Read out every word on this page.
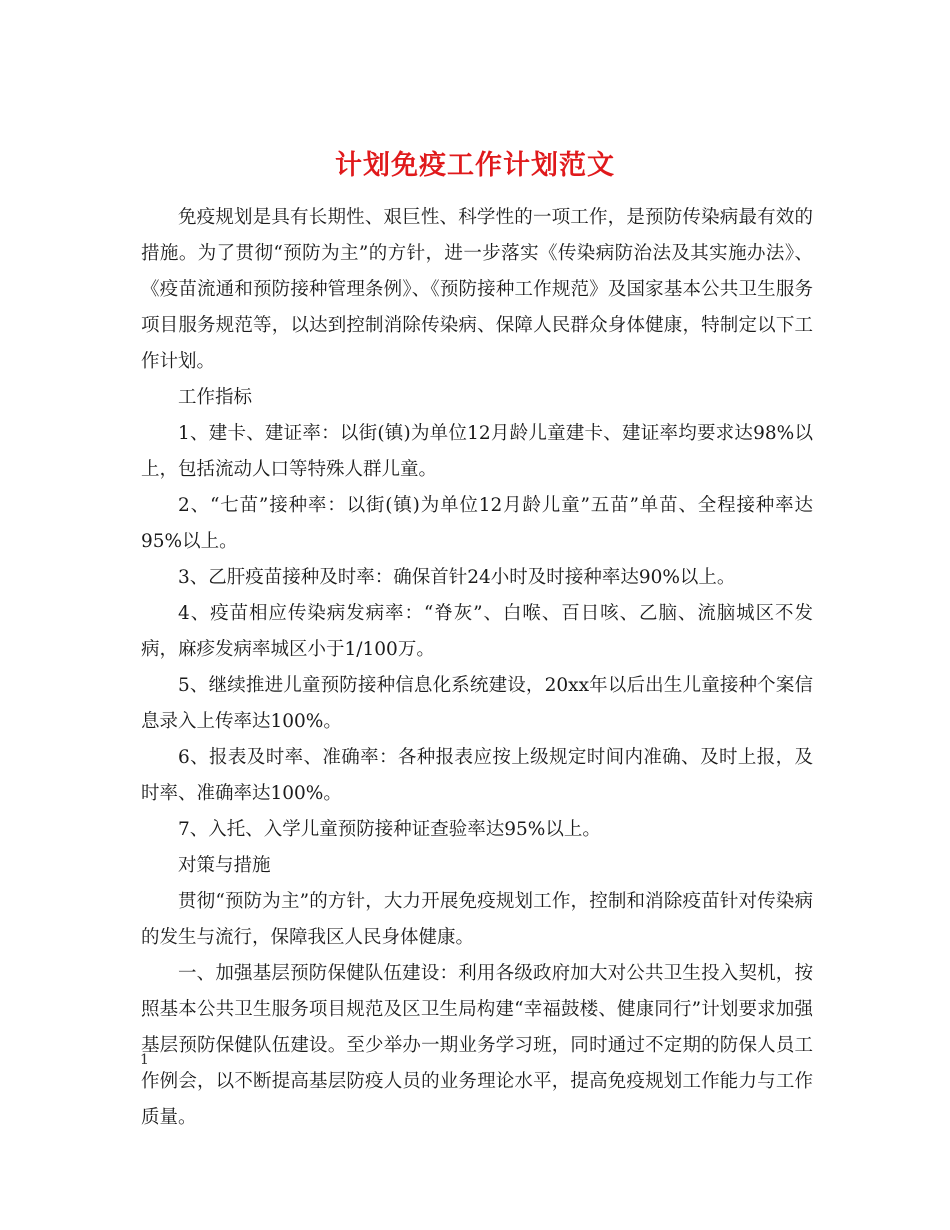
计划免疫工作计划范文

免疫规划是具有长期性、艰巨性、科学性的一项工作，是预防传染病最有效的措施。为了贯彻“预防为主”的方针，进一步落实《传染病防治法及其实施办法》、《疫苗流通和预防接种管理条例》、《预防接种工作规范》及国家基本公共卫生服务项目服务规范等，以达到控制消除传染病、保障人民群众身体健康，特制定以下工作计划。

工作指标

1、建卡、建证率：以街(镇)为单位12月龄儿童建卡、建证率均要求达98%以上，包括流动人口等特殊人群儿童。

2、“七苗”接种率：以街(镇)为单位12月龄儿童”五苗”单苗、全程接种率达95%以上。

3、乙肝疫苗接种及时率：确保首针24小时及时接种率达90%以上。

4、疫苗相应传染病发病率：“脊灰”、白喉、百日咳、乙脑、流脑城区不发病，麻疹发病率城区小于1/100万。

5、继续推进儿童预防接种信息化系统建设，20xx年以后出生儿童接种个案信息录入上传率达100%。

6、报表及时率、准确率：各种报表应按上级规定时间内准确、及时上报，及时率、准确率达100%。

7、入托、入学儿童预防接种证查验率达95%以上。

对策与措施

贯彻“预防为主”的方针，大力开展免疫规划工作，控制和消除疫苗针对传染病的发生与流行，保障我区人民身体健康。

一、加强基层预防保健队伍建设：利用各级政府加大对公共卫生投入契机，按照基本公共卫生服务项目规范及区卫生局构建“幸福鼓楼、健康同行”计划要求加强基层预防保健队伍建设。至少举办一期业务学习班，同时通过不定期的防保人员工作例会，以不断提高基层防疫人员的业务理论水平，提高免疫规划工作能力与工作质量。

1
